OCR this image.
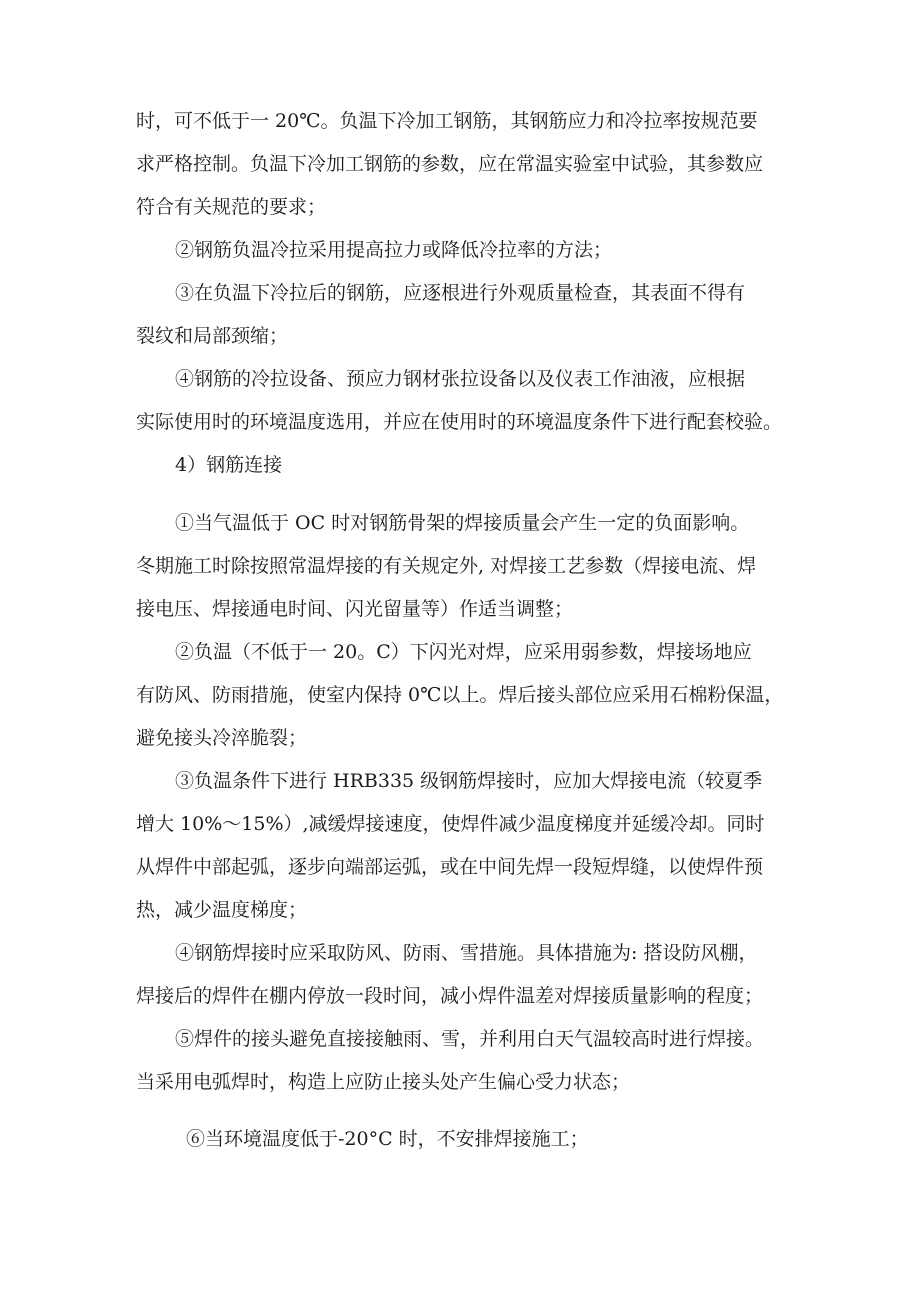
时，可不低于一 20℃。负温下冷加工钢筋，其钢筋应力和冷拉率按规范要

求严格控制。负温下冷加工钢筋的参数，应在常温实验室中试验，其参数应

符合有关规范的要求；

②钢筋负温冷拉采用提高拉力或降低冷拉率的方法；

③在负温下冷拉后的钢筋，应逐根进行外观质量检查，其表面不得有

裂纹和局部颈缩；

④钢筋的冷拉设备、预应力钢材张拉设备以及仪表工作油液，应根据

实际使用时的环境温度选用，并应在使用时的环境温度条件下进行配套校验。

4）钢筋连接

①当气温低于 OC 时对钢筋骨架的焊接质量会产生一定的负面影响。

冬期施工时除按照常温焊接的有关规定外, 对焊接工艺参数（焊接电流、焊

接电压、焊接通电时间、闪光留量等）作适当调整；

②负温（不低于一 20。C）下闪光对焊，应采用弱参数，焊接场地应

有防风、防雨措施，使室内保持 0℃以上。焊后接头部位应采用石棉粉保温，

避免接头冷淬脆裂；

③负温条件下进行 HRB335 级钢筋焊接时，应加大焊接电流（较夏季

增大 10%～15%）,减缓焊接速度，使焊件减少温度梯度并延缓冷却。同时

从焊件中部起弧，逐步向端部运弧，或在中间先焊一段短焊缝，以使焊件预

热，减少温度梯度；

④钢筋焊接时应采取防风、防雨、雪措施。具体措施为: 搭设防风棚，

焊接后的焊件在棚内停放一段时间，减小焊件温差对焊接质量影响的程度；

⑤焊件的接头避免直接接触雨、雪，并利用白天气温较高时进行焊接。

当采用电弧焊时，构造上应防止接头处产生偏心受力状态；

⑥当环境温度低于-20°C 时，不安排焊接施工；
